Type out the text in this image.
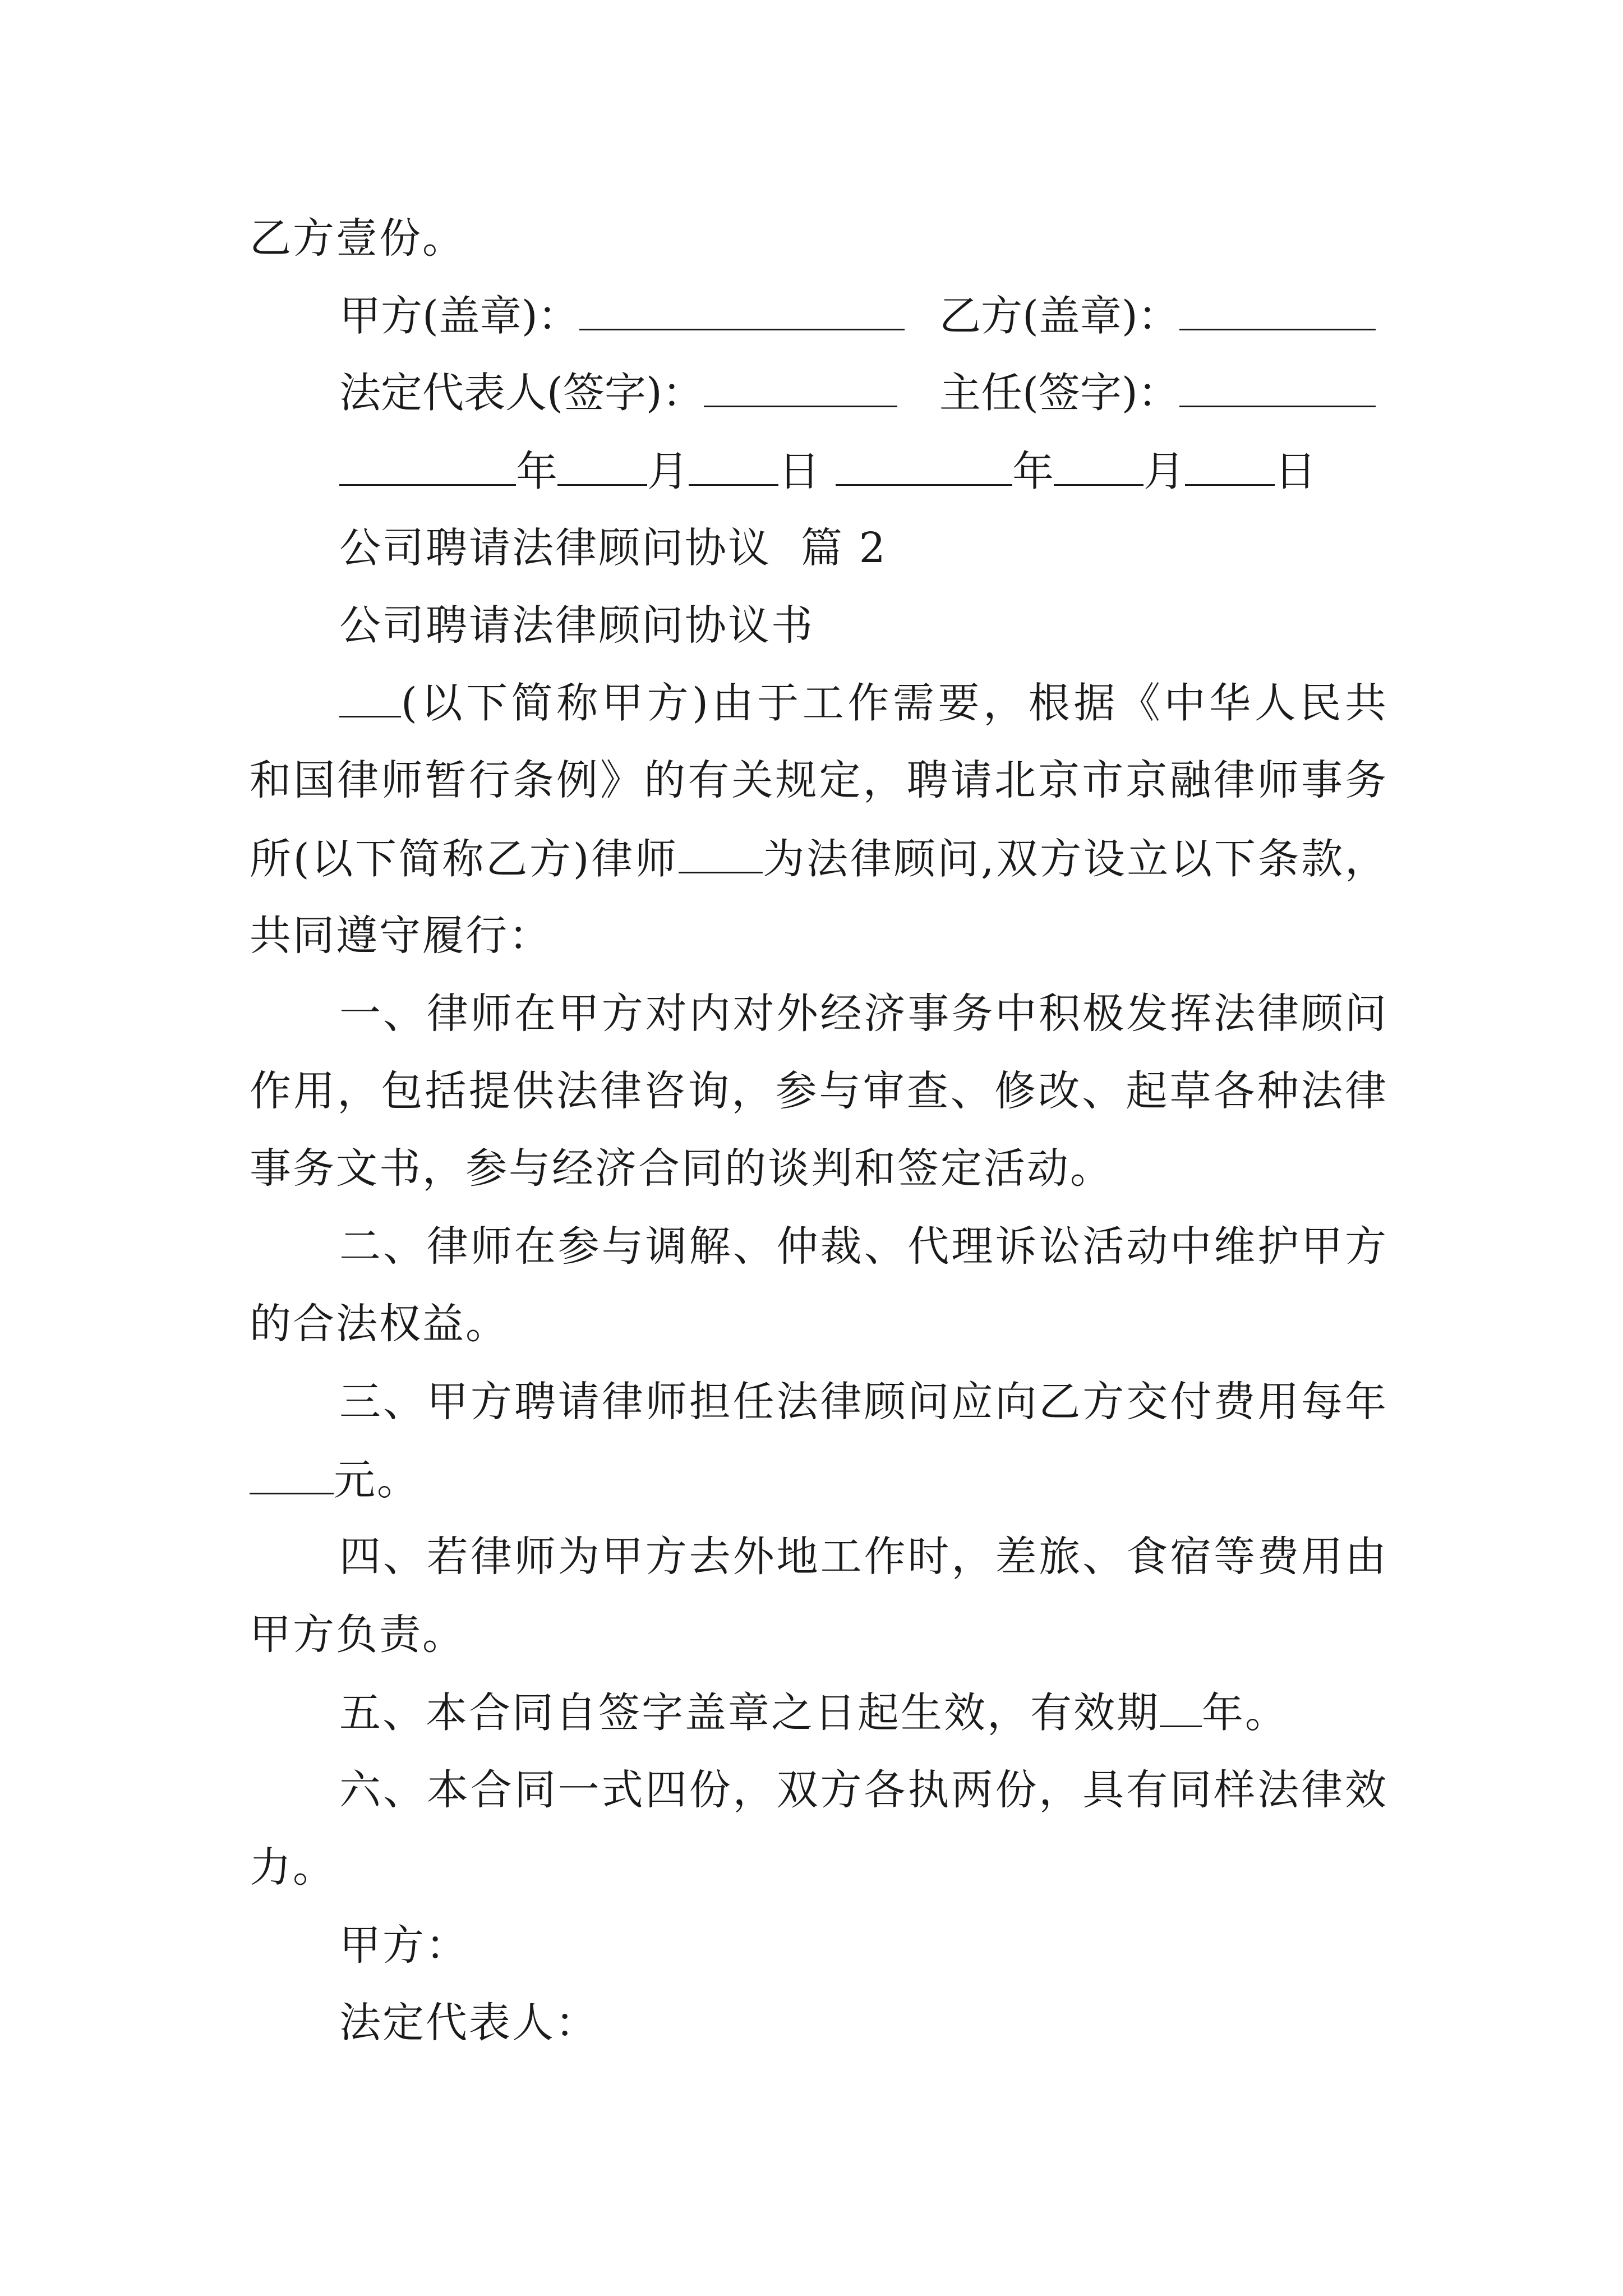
乙方壹份。
甲方(盖章)：	乙方(盖章)：
法定代表人(签字)：	主任(签字)：
年 月 日	年 月 日
公司聘请法律顾问协议  篇 2
公司聘请法律顾问协议书
(以下简称甲方)由于工作需要，根据《中华人民共
和国律师暂行条例》的有关规定，聘请北京市京融律师事务
所(以下简称乙方)律师 为法律顾问,双方设立以下条款，
共同遵守履行：
一、律师在甲方对内对外经济事务中积极发挥法律顾问
作用，包括提供法律咨询，参与审查、修改、起草各种法律
事务文书，参与经济合同的谈判和签定活动。
二、律师在参与调解、仲裁、代理诉讼活动中维护甲方
的合法权益。
三、甲方聘请律师担任法律顾问应向乙方交付费用每年
元。
四、若律师为甲方去外地工作时，差旅、食宿等费用由
甲方负责。
五、本合同自签字盖章之日起生效，有效期 年。
六、本合同一式四份，双方各执两份，具有同样法律效
力。
甲方：
法定代表人：
